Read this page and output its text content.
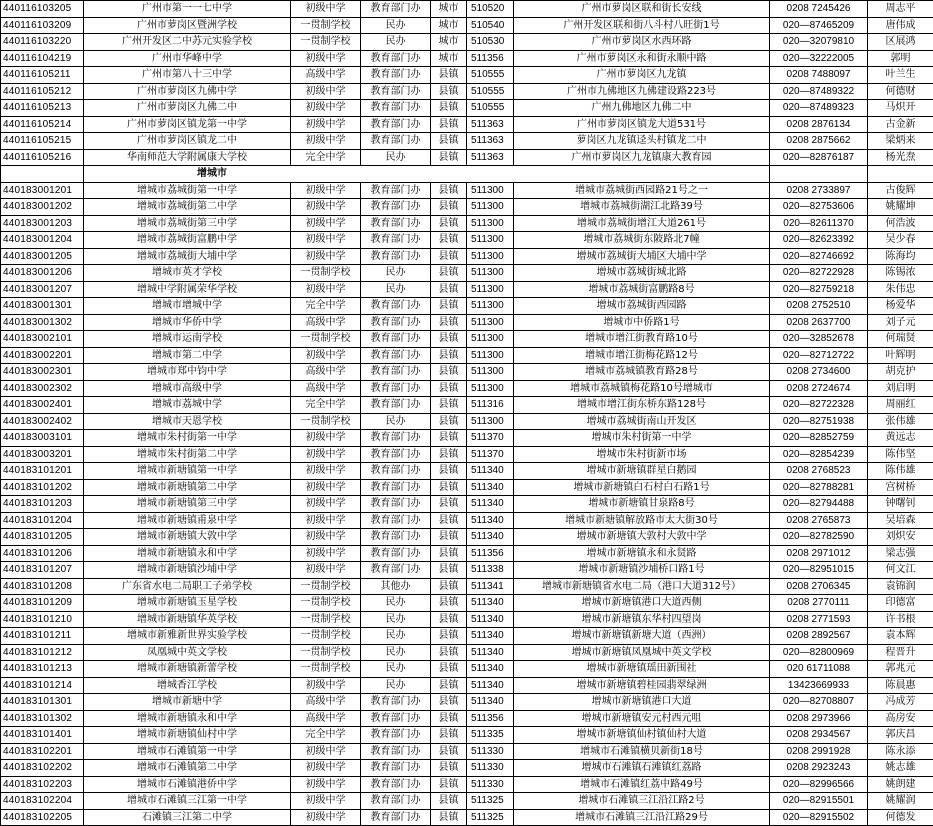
440116103205	广州市第一一七中学	初级中学	教育部门办	城市	510520	广州市萝岗区联和街长安线	0208 7245426	周志平
440116103209	广州市萝岗区暨洲学校	一贯制学校	民办	城市	510540	广州开发区联和街八斗村八旺街1号	020—87465209	唐伟成
440116103220	广州开发区二中苏元实验学校	一贯制学校	民办	城市	510530	广州市萝岗区水西环路	020—32079810	区展鸿
440116104219	广州市华峰中学	初级中学	教育部门办	城市	511356	广州市萝岗区永和街永顺中路	020—32222005	郭明
440116105211	广州市第八十三中学	高级中学	教育部门办	县镇	510555	广州市萝岗区九龙镇	0208 7488097	叶兰生
440116105212	广州市萝岗区九佛中学	初级中学	教育部门办	县镇	510555	广州市九佛地区九佛建设路223号	020—87489322	何德财
440116105213	广州市萝岗区九佛二中	初级中学	教育部门办	县镇	510555	广州九佛地区九佛二中	020—87489323	马炽开
440116105214	广州市萝岗区镇龙第一中学	初级中学	教育部门办	县镇	511363	广州市萝岗区镇龙大道531号	0208 2876134	古金新
440116105215	广州市萝岗区镇龙二中	初级中学	教育部门办	县镇	511363	萝岗区九龙镇迳头村镇龙二中	0208 2875662	梁炳来
440116105216	华南师范大学附属康大学校	完全中学	民办	县镇	511363	广州市萝岗区九龙镇康大教育园	020—82876187	杨光焘
	增城市							
440183001201	增城市荔城街第一中学	初级中学	教育部门办	县镇	511300	增城市荔城街西园路21号之一	0208 2733897	古俊辉
440183001202	增城市荔城街第二中学	初级中学	教育部门办	县镇	511300	增城市荔城街湖江北路39号	020—82753606	姚耀坤
440183001203	增城市荔城街第三中学	初级中学	教育部门办	县镇	511300	增城市荔城街增江大道261号	020—82611370	何浩波
440183001204	增城市荔城街富鹏中学	初级中学	教育部门办	县镇	511300	增城市荔城街东陂路北7幢	020—82623392	吴少春
440183001205	增城市荔城街大埔中学	初级中学	教育部门办	县镇	511300	增城市荔城街大埔区大埔中学	020—82746692	陈海均
440183001206	增城市英才学校	一贯制学校	民办	县镇	511300	增城市荔城街城北路	020—82722928	陈锡浓
440183001207	增城中学附属荣华学校	初级中学	民办	县镇	511300	增城市荔城街富鹏路8号	020—82759218	朱伟忠
440183001301	增城市增城中学	完全中学	教育部门办	县镇	511300	增城市荔城街西园路	0208 2752510	杨爱华
440183001302	增城市华侨中学	高级中学	教育部门办	县镇	511300	增城市中侨路1号	0208 2637700	刘子元
440183002101	增城市运南学校	一贯制学校	教育部门办	县镇	511300	增城市增江街教育路10号	020—32852678	何瑞贤
440183002201	增城市第二中学	初级中学	教育部门办	县镇	511300	增城市增江街梅花路12号	020—82712722	叶辉明
440183002301	增城市郑中钧中学	高级中学	教育部门办	县镇	511300	增城市荔城镇教育路28号	0208 2734600	胡克护
440183002302	增城市高级中学	高级中学	教育部门办	县镇	511300	增城市荔城镇梅花路10号增城市	0208 2724674	刘启明
440183002401	增城市荔城中学	完全中学	教育部门办	县镇	511316	增城市增江街东桥东路128号	020—82722328	周丽红
440183002402	增城市天恩学校	一贯制学校	民办	县镇	511300	增城市荔城街南山开发区	020—82751938	张伟雄
440183003101	增城市朱村街第一中学	初级中学	教育部门办	县镇	511370	增城市朱村街第一中学	020—82852759	黄远志
440183003201	增城市朱村街第二中学	初级中学	教育部门办	县镇	511370	增城市朱村街新市场	020—82854239	陈伟坚
440183101201	增城市新塘镇第一中学	初级中学	教育部门办	县镇	511340	增城市新塘镇群星白鹅园	0208 2768523	陈伟雄
440183101202	增城市新塘镇第二中学	初级中学	教育部门办	县镇	511340	增城市新塘镇白石村白石路1号	020—82788281	宫树桥
440183101203	增城市新塘镇第三中学	初级中学	教育部门办	县镇	511340	增城市新塘镇甘泉路8号	020—82794488	钟曙钊
440183101204	增城市新塘镇甫泉中学	初级中学	教育部门办	县镇	511340	增城市新塘镇解放路市太大街30号	0208 2765873	吴培森
440183101205	增城市新塘镇大敦中学	初级中学	教育部门办	县镇	511340	增城市新塘镇大敦村大敦中学	020—82782590	刘炽安
440183101206	增城市新塘镇永和中学	初级中学	教育部门办	县镇	511356	增城市新塘镇永和永贤路	0208 2971012	梁志强
440183101207	增城市新塘镇沙埔中学	初级中学	教育部门办	县镇	511338	增城市新塘镇沙埔桥口路1号	020—82951015	何文江
440183101208	广东省水电二局职工子弟学校	一贯制学校	其他办	县镇	511341	增城市新塘镇省水电二局（港口大道312号）	0208 2706345	袁锦润
440183101209	增城市新塘镇玉星学校	一贯制学校	民办	县镇	511340	增城市新塘镇港口大道西侧	0208 2770111	印德富
440183101210	增城市新塘镇华英学校	一贯制学校	民办	县镇	511340	增城市新塘镇东华村四望岗	0208 2771593	许书根
440183101211	增城市新雅新世界实验学校	一贯制学校	民办	县镇	511340	增城市新塘镇新塘大道（西洲）	0208 2892567	袁本辉
440183101212	凤凰城中英文学校	一贯制学校	民办	县镇	511340	增城市新塘镇凤凰城中英文学校	020—82800969	程晋升
440183101213	增城市新塘镇新蕾学校	一贯制学校	民办	县镇	511340	增城市新塘镇瑶田新围社	020 61711088	郭兆元
440183101214	增城香江学校	初级中学	民办	县镇	511340	增城市新塘镇碧桂园翡翠绿洲	13423669933	陈晨惠
440183101301	增城市新塘中学	高级中学	教育部门办	县镇	511340	增城市新塘镇港口大道	020—82708807	冯成芳
440183101302	增城市新塘镇永和中学	高级中学	教育部门办	县镇	511356	增城市新塘镇安元村西元咀	0208 2973966	高房安
440183101401	增城市新塘镇仙村中学	完全中学	教育部门办	县镇	511335	增城市新塘镇仙村镇仙村大道	0208 2934567	郭庆昌
440183102201	增城市石滩镇第一中学	初级中学	教育部门办	县镇	511330	增城市石滩镇横贝新街18号	0208 2991928	陈永添
440183102202	增城市石滩镇第二中学	初级中学	教育部门办	县镇	511330	增城市石滩镇石滩镇红荔路	0208 2923243	姚志雄
440183102203	增城市石滩镇港侨中学	初级中学	教育部门办	县镇	511330	增城市石滩镇红荔中路49号	020—82996566	姚朗建
440183102204	增城市石滩镇三江第一中学	初级中学	教育部门办	县镇	511325	增城市石滩镇三江沿江路2号	020—82915501	姚耀润
440183102205	石滩镇三江第二中学	初级中学	教育部门办	县镇	511325	增城市石滩镇三江沿江路29号	020—82915502	何德发
